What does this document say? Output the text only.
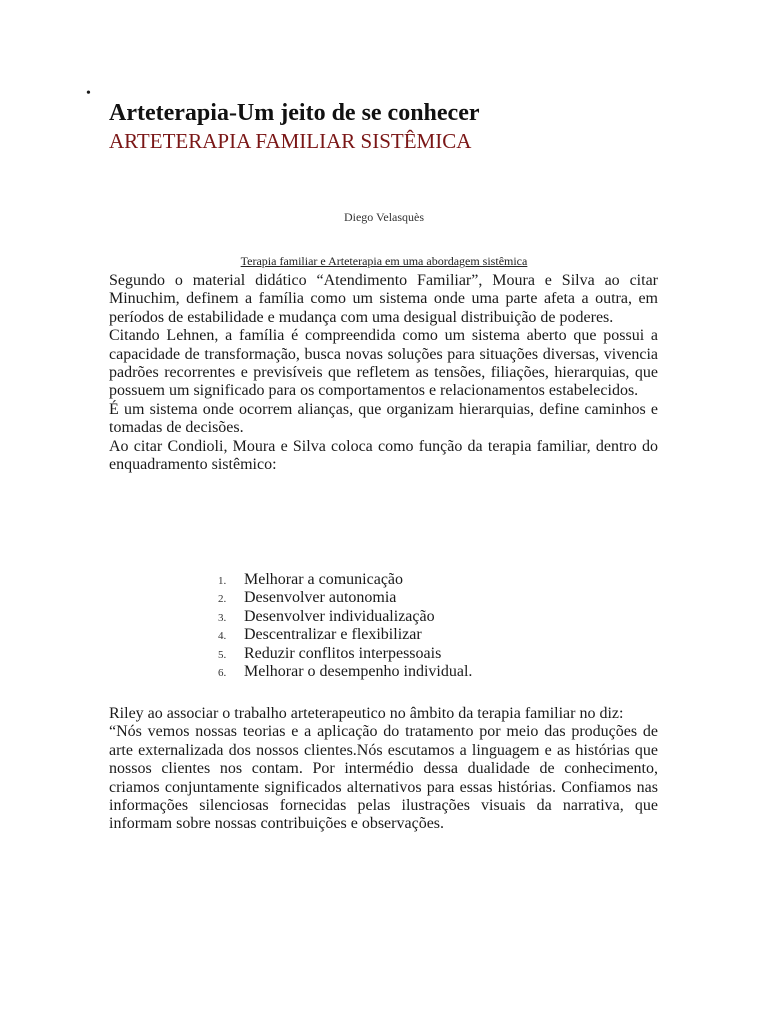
•
Arteterapia-Um jeito de se conhecer
ARTETERAPIA FAMILIAR SISTÊMICA
Diego Velasquès
Terapia familiar e Arteterapia em uma abordagem sistêmica

Segundo o material didático “Atendimento Familiar”, Moura e Silva ao citar Minuchim, definem a família como um sistema onde uma parte afeta a outra, em períodos de estabilidade e mudança com uma desigual distribuição de poderes.

Citando Lehnen, a família é compreendida como um sistema aberto que possui a capacidade de transformação, busca novas soluções para situações diversas, vivencia padrões recorrentes e previsíveis que refletem as tensões, filiações, hierarquias, que possuem um significado para os comportamentos e relacionamentos estabelecidos.

É um sistema onde ocorrem alianças, que organizam hierarquias, define caminhos e tomadas de decisões.

Ao citar Condioli, Moura e Silva coloca como função da terapia familiar, dentro do enquadramento sistêmico:

1. Melhorar a comunicação
2. Desenvolver autonomia
3. Desenvolver individualização
4. Descentralizar e flexibilizar
5. Reduzir conflitos interpessoais
6. Melhorar o desempenho individual.

Riley ao associar o trabalho arteterapeutico no âmbito da terapia familiar no diz:

“Nós vemos nossas teorias e a aplicação do tratamento por meio das produções de arte externalizada dos nossos clientes.Nós escutamos a linguagem e as histórias que nossos clientes nos contam. Por intermédio dessa dualidade de conhecimento, criamos conjuntamente significados alternativos para essas histórias. Confiamos nas informações silenciosas fornecidas pelas ilustrações visuais da narrativa, que informam sobre nossas contribuições e observações.
